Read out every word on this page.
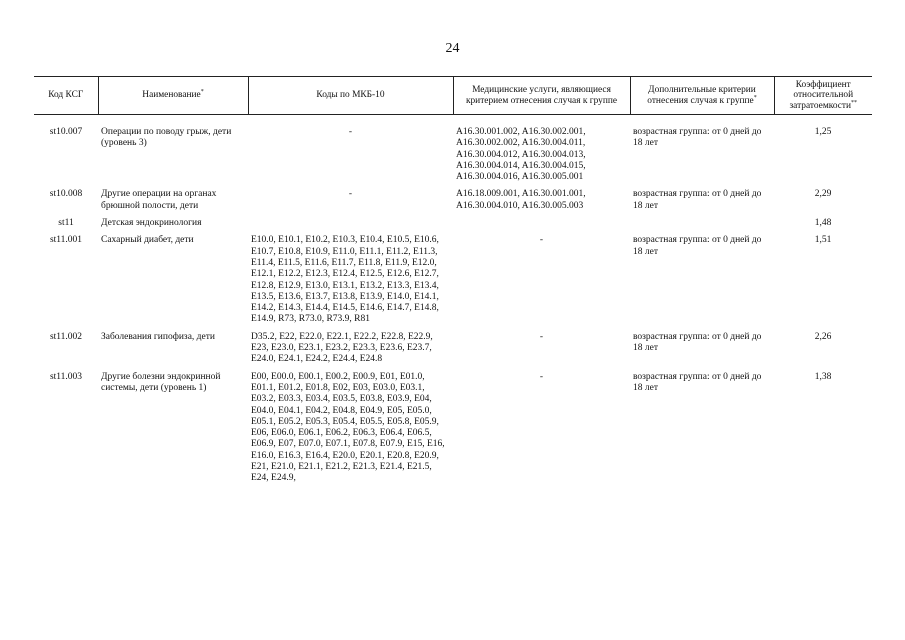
24
Код КСГ	Наименование*	Коды по МКБ-10	Медицинские услуги, являющиеся критерием отнесения случая к группе	Дополнительные критерии отнесения случая к группе*	Коэффициент относительной затратоемкости**
st10.007	Операции по поводу грыж, дети (уровень 3)	-	A16.30.001.002, A16.30.002.001, A16.30.002.002, A16.30.004.011, A16.30.004.012, A16.30.004.013, A16.30.004.014, A16.30.004.015, A16.30.004.016, A16.30.005.001	возрастная группа: от 0 дней до 18 лет	1,25
st10.008	Другие операции на органах брюшной полости, дети	-	A16.18.009.001, A16.30.001.001, A16.30.004.010, A16.30.005.003	возрастная группа: от 0 дней до 18 лет	2,29
st11	Детская эндокринология				1,48
st11.001	Сахарный диабет, дети	E10.0, E10.1, E10.2, E10.3, E10.4, E10.5, E10.6, E10.7, E10.8, E10.9, E11.0, E11.1, E11.2, E11.3, E11.4, E11.5, E11.6, E11.7, E11.8, E11.9, E12.0, E12.1, E12.2, E12.3, E12.4, E12.5, E12.6, E12.7, E12.8, E12.9, E13.0, E13.1, E13.2, E13.3, E13.4, E13.5, E13.6, E13.7, E13.8, E13.9, E14.0, E14.1, E14.2, E14.3, E14.4, E14.5, E14.6, E14.7, E14.8, E14.9, R73, R73.0, R73.9, R81	-	возрастная группа: от 0 дней до 18 лет	1,51
st11.002	Заболевания гипофиза, дети	D35.2, E22, E22.0, E22.1, E22.2, E22.8, E22.9, E23, E23.0, E23.1, E23.2, E23.3, E23.6, E23.7, E24.0, E24.1, E24.2, E24.4, E24.8	-	возрастная группа: от 0 дней до 18 лет	2,26
st11.003	Другие болезни эндокринной системы, дети (уровень 1)	E00, E00.0, E00.1, E00.2, E00.9, E01, E01.0, E01.1, E01.2, E01.8, E02, E03, E03.0, E03.1, E03.2, E03.3, E03.4, E03.5, E03.8, E03.9, E04, E04.0, E04.1, E04.2, E04.8, E04.9, E05, E05.0, E05.1, E05.2, E05.3, E05.4, E05.5, E05.8, E05.9, E06, E06.0, E06.1, E06.2, E06.3, E06.4, E06.5, E06.9, E07, E07.0, E07.1, E07.8, E07.9, E15, E16, E16.0, E16.3, E16.4, E20.0, E20.1, E20.8, E20.9, E21, E21.0, E21.1, E21.2, E21.3, E21.4, E21.5, E24, E24.9,	-	возрастная группа: от 0 дней до 18 лет	1,38
